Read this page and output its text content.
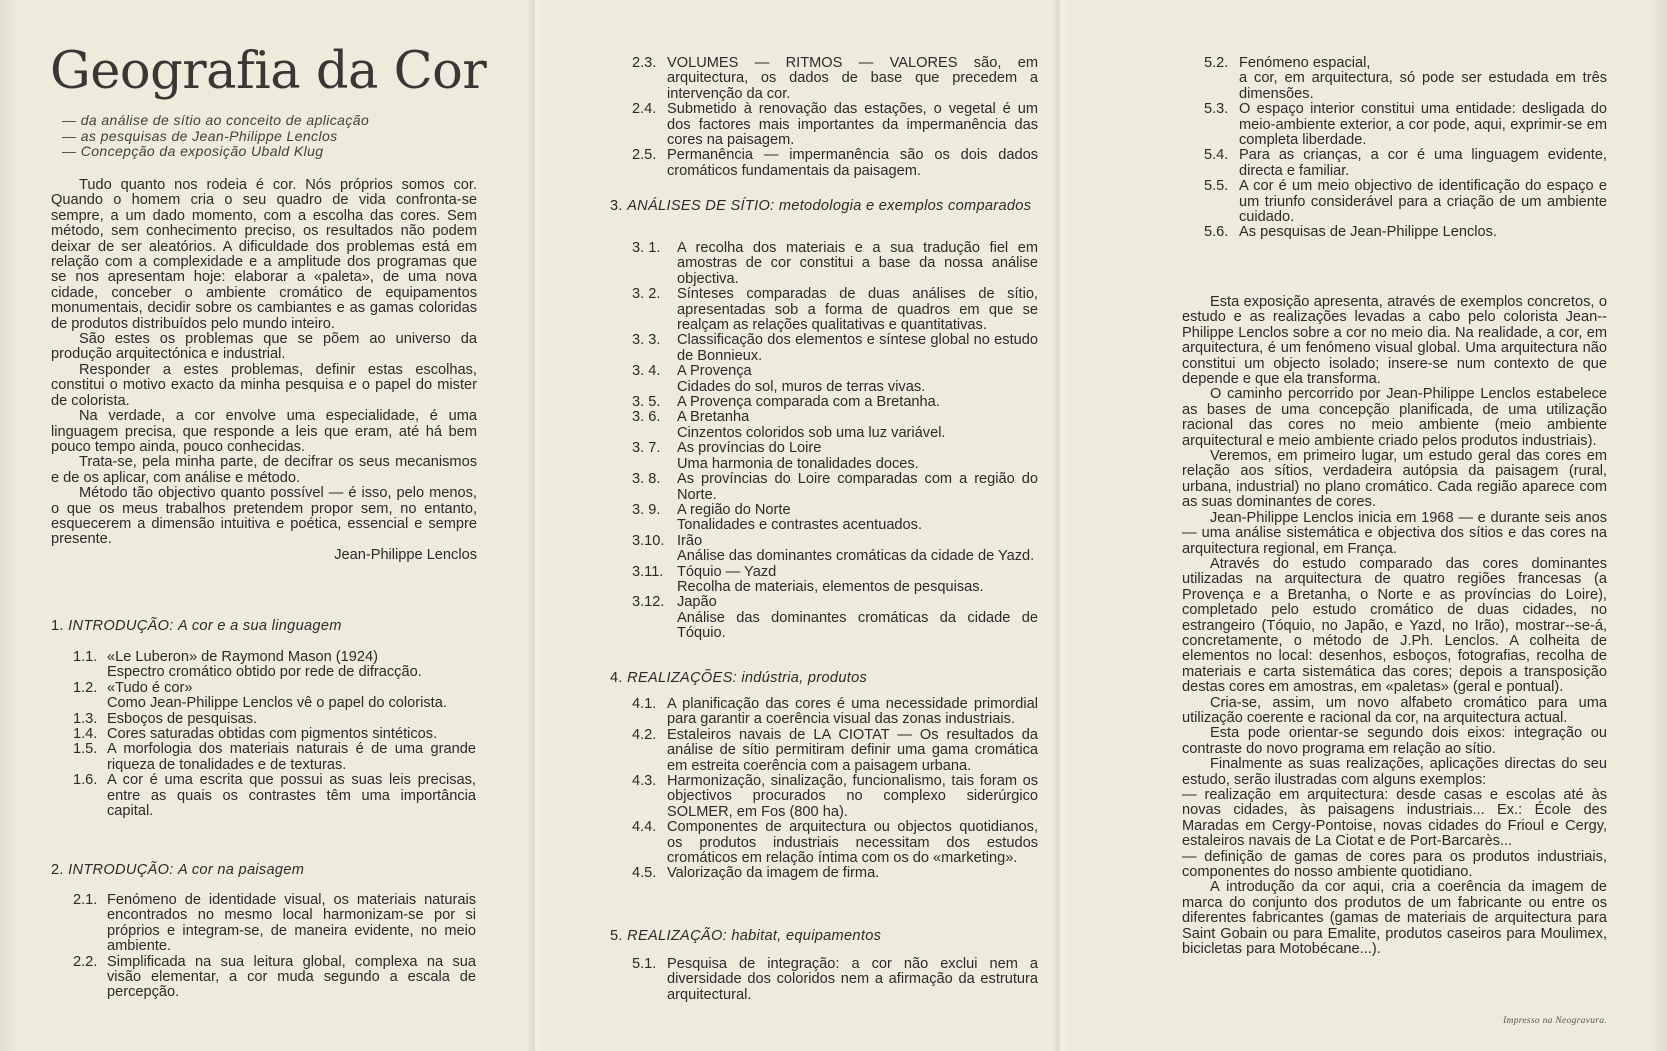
Geografia da Cor
— da análise de sítio ao conceito de aplicação
— as pesquisas de Jean-Philippe Lenclos
— Concepção da exposição Ubald Klug

Tudo quanto nos rodeia é cor. Nós próprios somos cor. Quando o homem cria o seu quadro de vida confronta-se sempre, a um dado momento, com a escolha das cores. Sem método, sem conhecimento preciso, os resultados não podem deixar de ser aleatórios. A dificuldade dos problemas está em relação com a complexidade e a amplitude dos programas que se nos apresentam hoje: elaborar a «paleta», de uma nova cidade, conceber o ambiente cromático de equipamentos monumentais, decidir sobre os cambiantes e as gamas coloridas de produtos distribuídos pelo mundo inteiro.

São estes os problemas que se põem ao universo da produção arquitectónica e industrial.

Responder a estes problemas, definir estas escolhas, constitui o motivo exacto da minha pesquisa e o papel do mister de colorista.

Na verdade, a cor envolve uma especialidade, é uma linguagem precisa, que responde a leis que eram, até há bem pouco tempo ainda, pouco conhecidas.

Trata-se, pela minha parte, de decifrar os seus mecanismos e de os aplicar, com análise e método.

Método tão objectivo quanto possível — é isso, pelo menos, o que os meus trabalhos pretendem propor sem, no entanto, esquecerem a dimensão intuitiva e poética, essencial e sempre presente.

Jean-Philippe Lenclos

1. INTRODUÇÃO: A cor e a sua linguagem
1.1. «Le Luberon» de Raymond Mason (1924)
Espectro cromático obtido por rede de difracção.
1.2. «Tudo é cor»
Como Jean-Philippe Lenclos vê o papel do colorista.
1.3. Esboços de pesquisas.
1.4. Cores saturadas obtidas com pigmentos sintéticos.
1.5. A morfologia dos materiais naturais é de uma grande riqueza de tonalidades e de texturas.
1.6. A cor é uma escrita que possui as suas leis precisas, entre as quais os contrastes têm uma importância capital.
2. INTRODUÇÃO: A cor na paisagem
2.1. Fenómeno de identidade visual, os materiais naturais encontrados no mesmo local harmonizam-se por si próprios e integram-se, de maneira evidente, no meio ambiente.
2.2. Simplificada na sua leitura global, complexa na sua visão elementar, a cor muda segundo a escala de percepção.
2.3. VOLUMES — RITMOS — VALORES são, em arquitectura, os dados de base que precedem a intervenção da cor.
2.4. Submetido à renovação das estações, o vegetal é um dos factores mais importantes da impermanência das cores na paisagem.
2.5. Permanência — impermanência são os dois dados cromáticos fundamentais da paisagem.
3. ANÁLISES DE SÍTIO: metodologia e exemplos comparados
3. 1.	A recolha dos materiais e a sua tradução fiel em amostras de cor constitui a base da nossa análise objectiva.
3. 2.	Sínteses comparadas de duas análises de sítio, apresentadas sob a forma de quadros em que se realçam as relações qualitativas e quantitativas.
3. 3.	Classificação dos elementos e síntese global no estudo de Bonnieux.
3. 4.	A Provença
Cidades do sol, muros de terras vivas.
3. 5.	A Provença comparada com a Bretanha.
3. 6.	A Bretanha
Cinzentos coloridos sob uma luz variável.
3. 7.	As províncias do Loire
Uma harmonia de tonalidades doces.
3. 8.	As províncias do Loire comparadas com a região do Norte.
3. 9.	A região do Norte
Tonalidades e contrastes acentuados.
3.10. Irão
Análise das dominantes cromáticas da cidade de Yazd.
3.11. Tóquio — Yazd
Recolha de materiais, elementos de pesquisas.
3.12. Japão
Análise das dominantes cromáticas da cidade de Tóquio.
4. REALIZAÇÕES: indústria, produtos
4.1. A planificação das cores é uma necessidade primordial para garantir a coerência visual das zonas industriais.
4.2. Estaleiros navais de LA CIOTAT — Os resultados da análise de sítio permitiram definir uma gama cromática em estreita coerência com a paisagem urbana.
4.3. Harmonização, sinalização, funcionalismo, tais foram os objectivos procurados no complexo siderúrgico SOLMER, em Fos (800 ha).
4.4. Componentes de arquitectura ou objectos quotidianos, os produtos industriais necessitam dos estudos cromáticos em relação íntima com os do «marketing».
4.5. Valorização da imagem de firma.
5. REALIZAÇÃO: habitat, equipamentos
5.1. Pesquisa de integração: a cor não exclui nem a diversidade dos coloridos nem a afirmação da estrutura arquitectural.
5.2. Fenómeno espacial,
a cor, em arquitectura, só pode ser estudada em três dimensões.
5.3. O espaço interior constitui uma entidade: desligada do meio-ambiente exterior, a cor pode, aqui, exprimir-se em completa liberdade.
5.4. Para as crianças, a cor é uma linguagem evidente, directa e familiar.
5.5. A cor é um meio objectivo de identificação do espaço e um triunfo considerável para a criação de um ambiente cuidado.
5.6. As pesquisas de Jean-Philippe Lenclos.

Esta exposição apresenta, através de exemplos concretos, o estudo e as realizações levadas a cabo pelo colorista Jean--Philippe Lenclos sobre a cor no meio dia. Na realidade, a cor, em arquitectura, é um fenómeno visual global. Uma arquitectura não constitui um objecto isolado; insere-se num contexto de que depende e que ela transforma.

O caminho percorrido por Jean-Philippe Lenclos estabelece as bases de uma concepção planificada, de uma utilização racional das cores no meio ambiente (meio ambiente arquitectural e meio ambiente criado pelos produtos industriais).

Veremos, em primeiro lugar, um estudo geral das cores em relação aos sítios, verdadeira autópsia da paisagem (rural, urbana, industrial) no plano cromático. Cada região aparece com as suas dominantes de cores.

Jean-Philippe Lenclos inicia em 1968 — e durante seis anos — uma análise sistemática e objectiva dos sítios e das cores na arquitectura regional, em França.

Através do estudo comparado das cores dominantes utilizadas na arquitectura de quatro regiões francesas (a Provença e a Bretanha, o Norte e as províncias do Loire), completado pelo estudo cromático de duas cidades, no estrangeiro (Tóquio, no Japão, e Yazd, no Irão), mostrar--se-á, concretamente, o método de J.Ph. Lenclos. A colheita de elementos no local: desenhos, esboços, fotografias, recolha de materiais e carta sistemática das cores; depois a transposição destas cores em amostras, em «paletas» (geral e pontual).

Cria-se, assim, um novo alfabeto cromático para uma utilização coerente e racional da cor, na arquitectura actual.

Esta pode orientar-se segundo dois eixos: integração ou contraste do novo programa em relação ao sítio.

Finalmente as suas realizações, aplicações directas do seu estudo, serão ilustradas com alguns exemplos:

— realização em arquitectura: desde casas e escolas até às novas cidades, às paisagens industriais... Ex.: École des Maradas em Cergy-Pontoise, novas cidades do Frioul e Cergy, estaleiros navais de La Ciotat e de Port-Barcarès...

— definição de gamas de cores para os produtos industriais, componentes do nosso ambiente quotidiano.

A introdução da cor aqui, cria a coerência da imagem de marca do conjunto dos produtos de um fabricante ou entre os diferentes fabricantes (gamas de materiais de arquitectura para Saint Gobain ou para Emalite, produtos caseiros para Moulimex, bicicletas para Motobécane...).

Impresso na Neogravura.
